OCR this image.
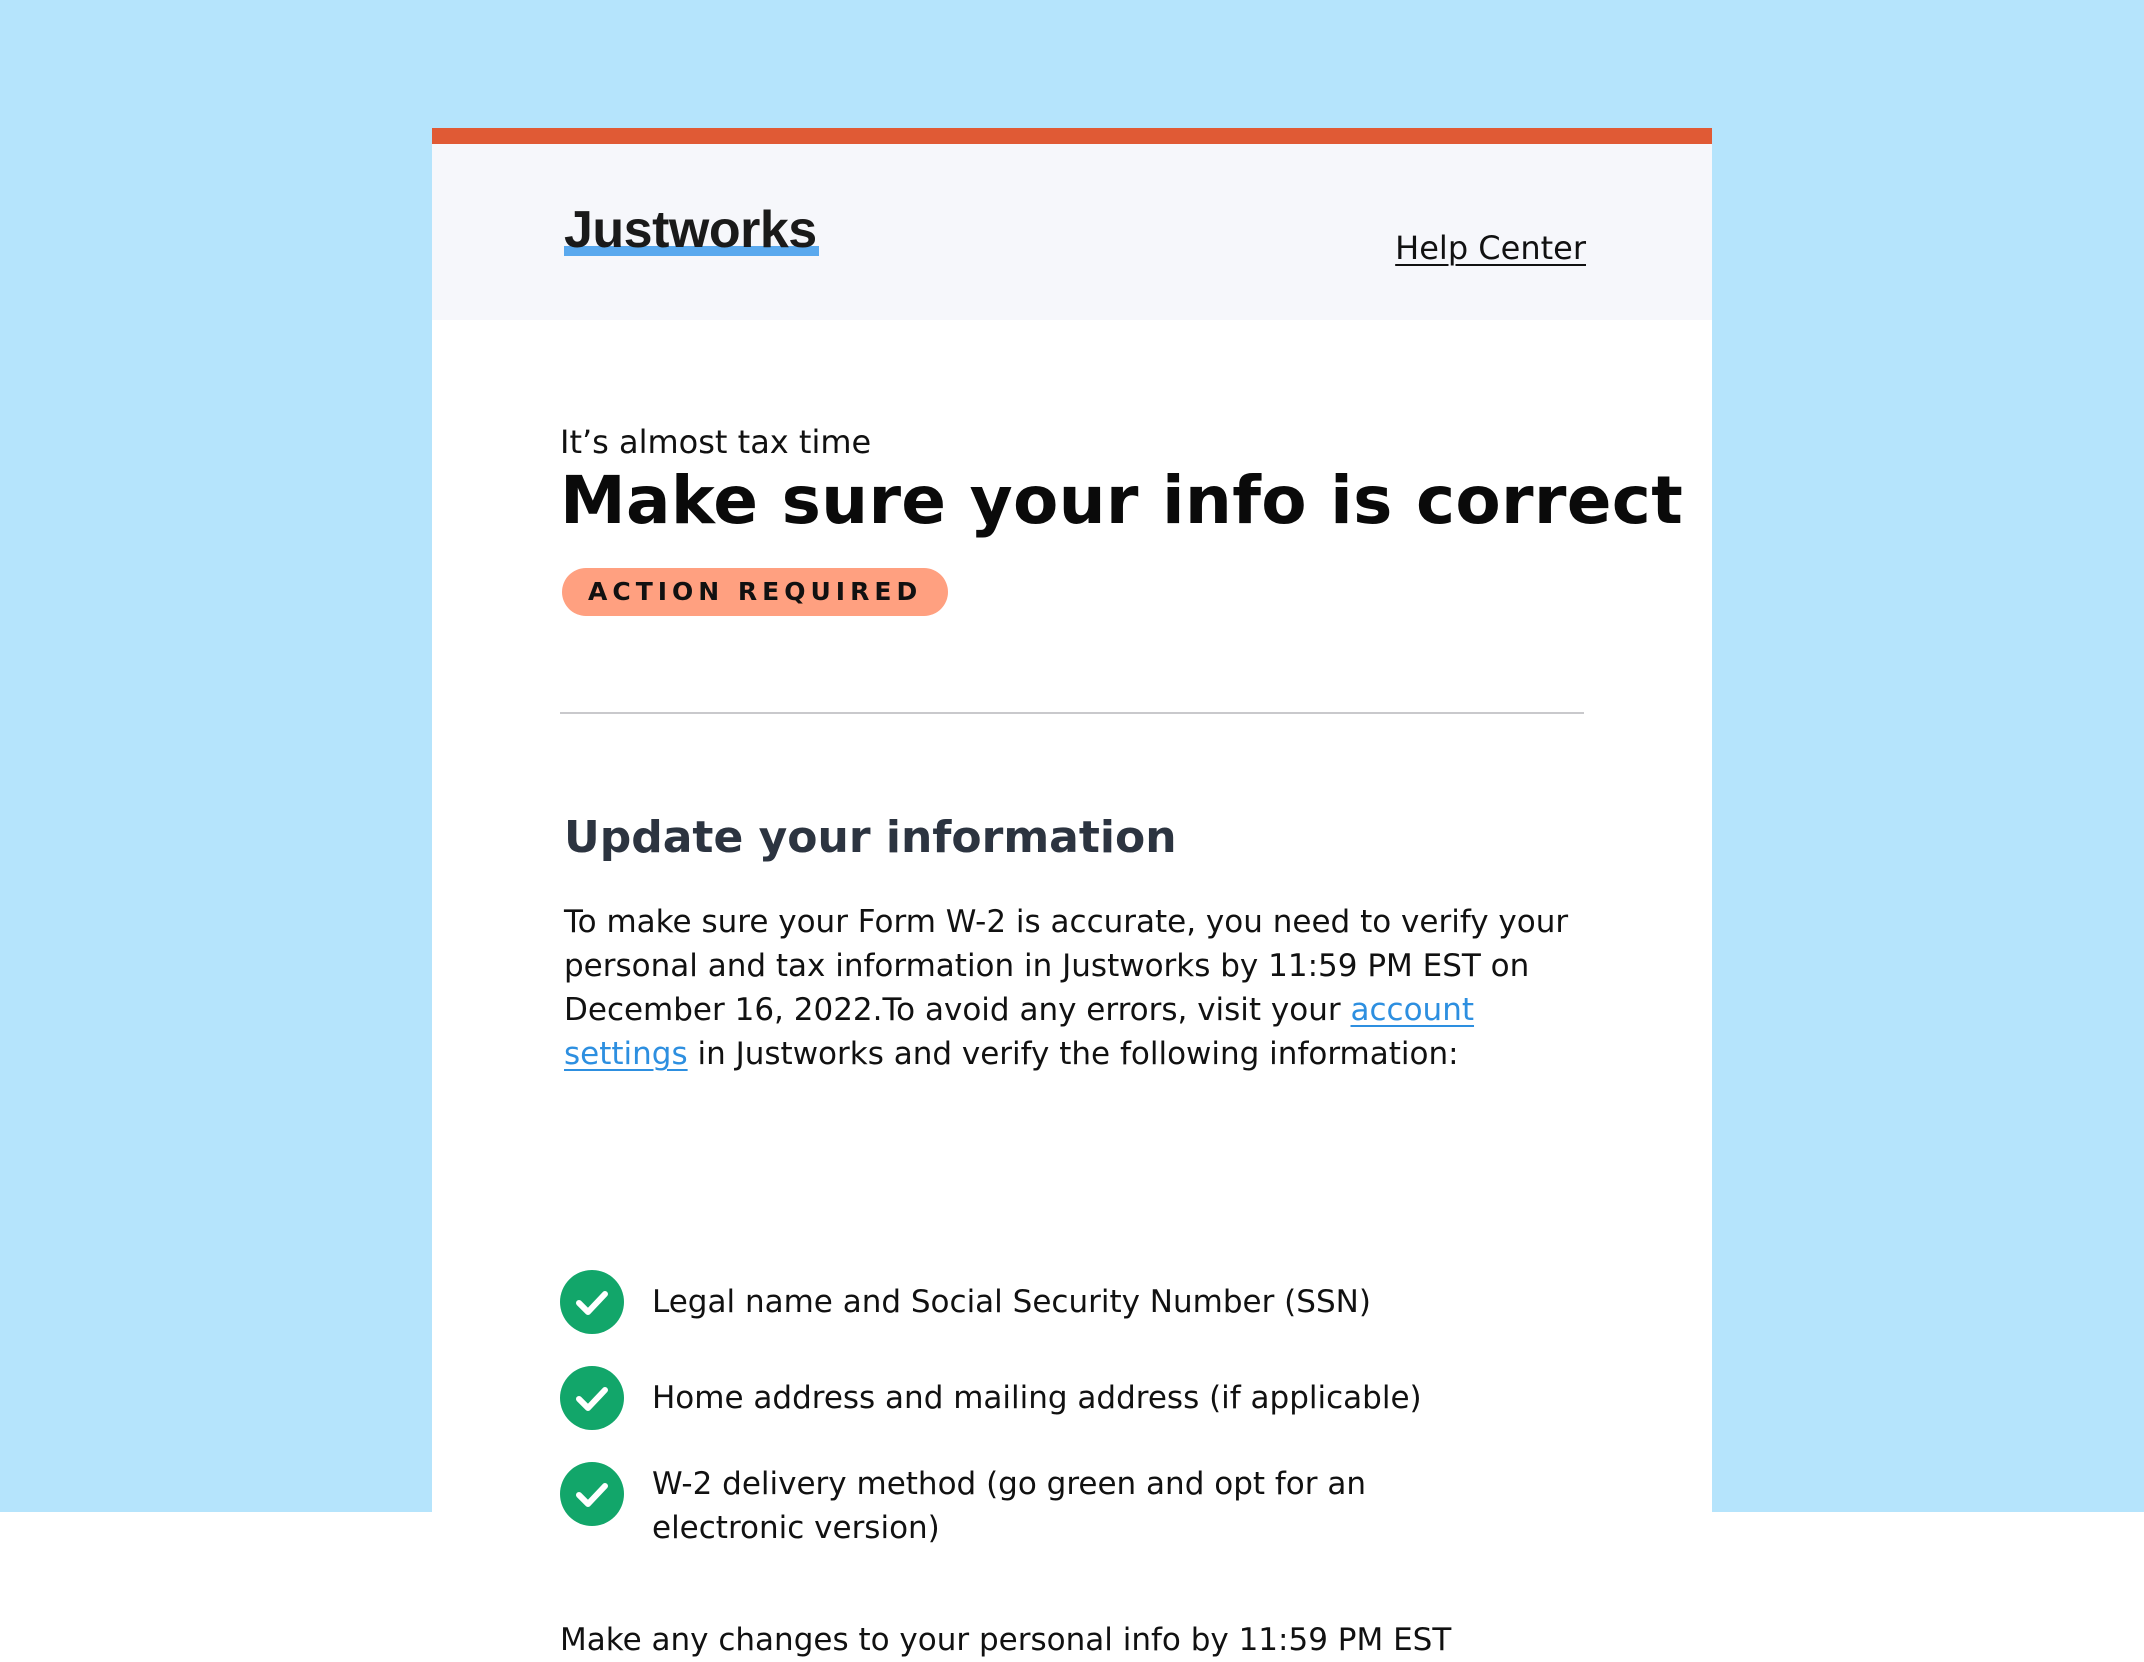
Justworks	Help Center
It’s almost tax time
Make sure your info is correct
ACTION REQUIRED
Update your information
To make sure your Form W-2 is accurate, you need to verify your personal and tax information in Justworks by 11:59 PM EST on December 16, 2022.To avoid any errors, visit your account settings in Justworks and verify the following information:
Legal name and Social Security Number (SSN)
Home address and mailing address (if applicable)
W-2 delivery method (go green and opt for an electronic version)
Make any changes to your personal info by 11:59 PM EST
